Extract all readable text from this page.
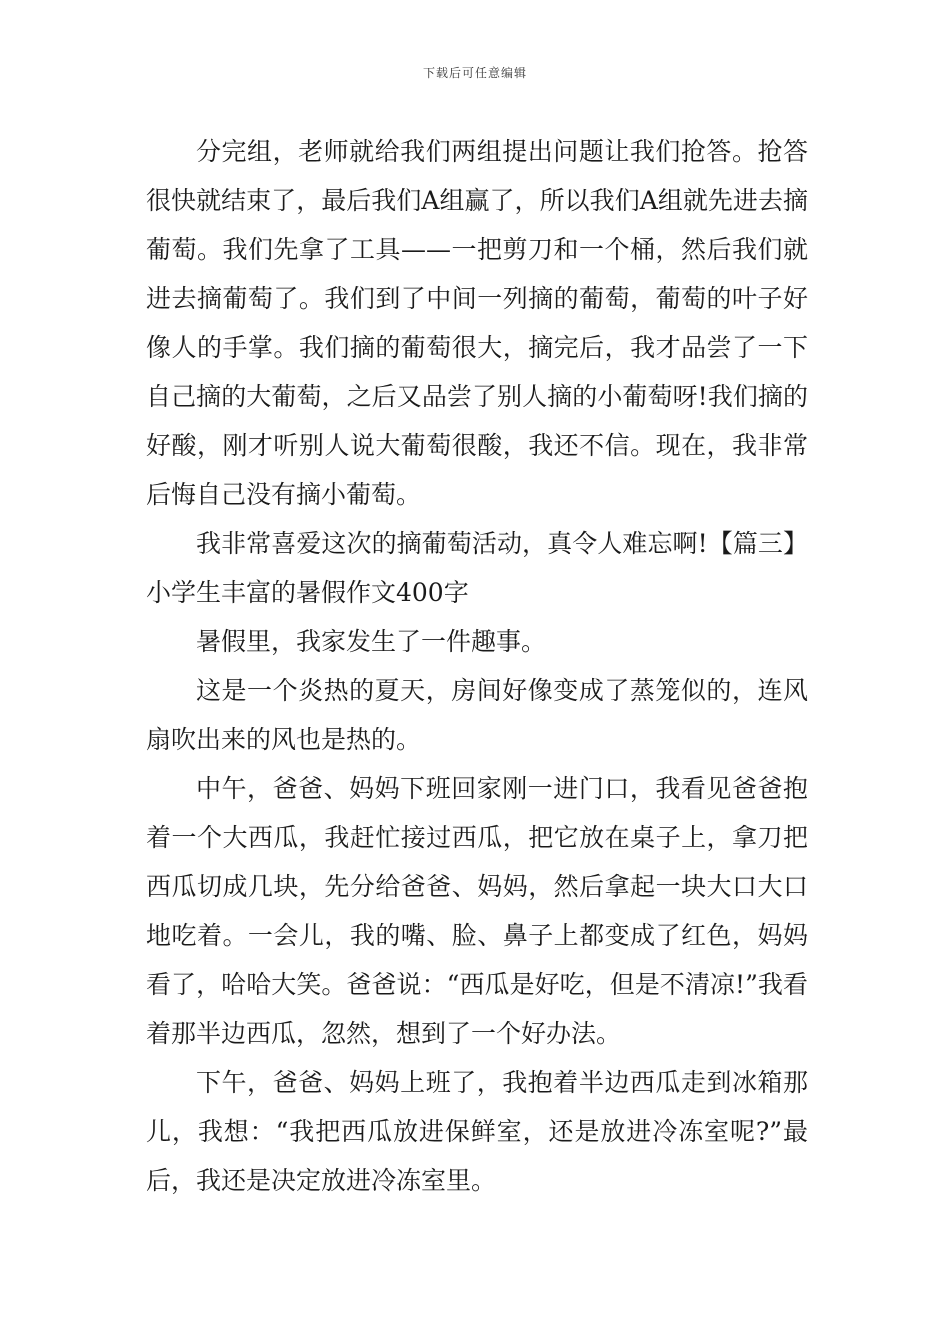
下载后可任意编辑

分完组，老师就给我们两组提出问题让我们抢答。抢答很快就结束了，最后我们A组赢了，所以我们A组就先进去摘葡萄。我们先拿了工具——一把剪刀和一个桶，然后我们就进去摘葡萄了。我们到了中间一列摘的葡萄，葡萄的叶子好像人的手掌。我们摘的葡萄很大，摘完后，我才品尝了一下自己摘的大葡萄，之后又品尝了别人摘的小葡萄呀!我们摘的好酸，刚才听别人说大葡萄很酸，我还不信。现在，我非常后悔自己没有摘小葡萄。

我非常喜爱这次的摘葡萄活动，真令人难忘啊!【篇三】小学生丰富的暑假作文400字

暑假里，我家发生了一件趣事。

这是一个炎热的夏天，房间好像变成了蒸笼似的，连风扇吹出来的风也是热的。

中午，爸爸、妈妈下班回家刚一进门口，我看见爸爸抱着一个大西瓜，我赶忙接过西瓜，把它放在桌子上，拿刀把西瓜切成几块，先分给爸爸、妈妈，然后拿起一块大口大口地吃着。一会儿，我的嘴、脸、鼻子上都变成了红色，妈妈看了，哈哈大笑。爸爸说：“西瓜是好吃，但是不清凉!”我看着那半边西瓜，忽然，想到了一个好办法。

下午，爸爸、妈妈上班了，我抱着半边西瓜走到冰箱那儿，我想：“我把西瓜放进保鲜室，还是放进冷冻室呢?”最后，我还是决定放进冷冻室里。
